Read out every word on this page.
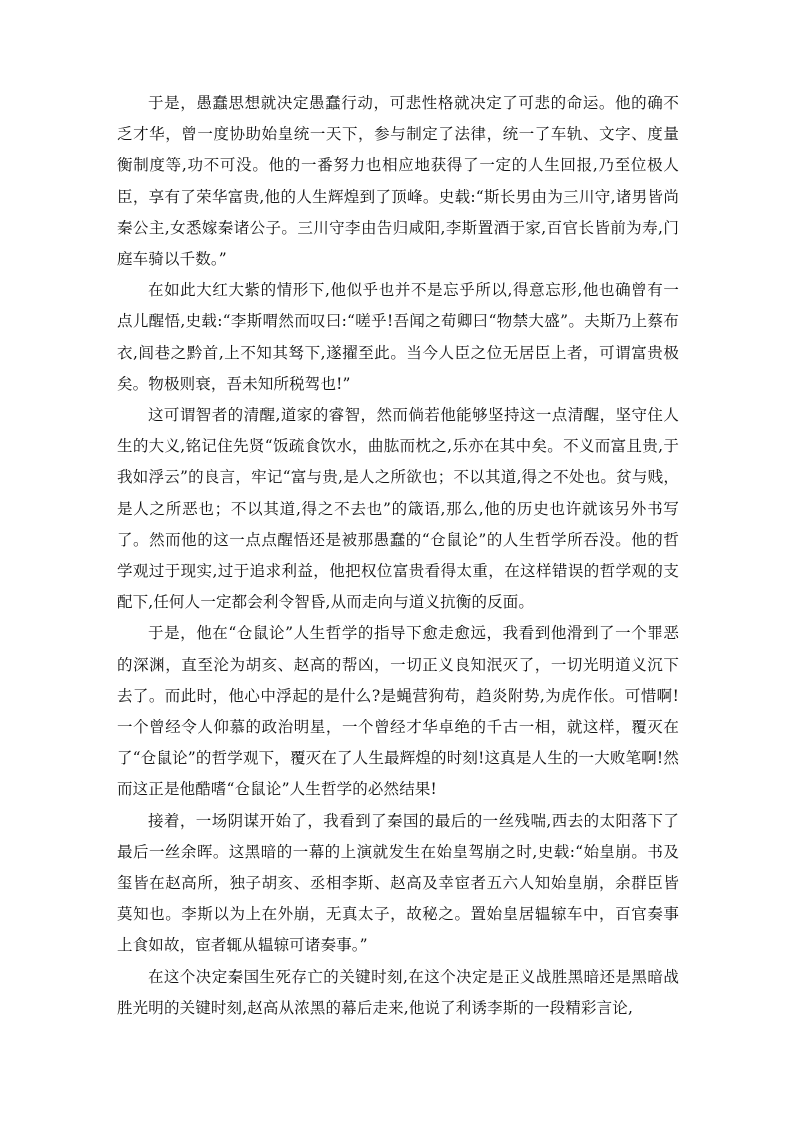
于是，愚蠢思想就决定愚蠢行动，可悲性格就决定了可悲的命运。他的确不乏才华，曾一度协助始皇统一天下，参与制定了法律，统一了车轨、文字、度量衡制度等,功不可没。他的一番努力也相应地获得了一定的人生回报,乃至位极人臣，享有了荣华富贵,他的人生辉煌到了顶峰。史载:“斯长男由为三川守,诸男皆尚秦公主,女悉嫁秦诸公子。三川守李由告归咸阳,李斯置酒于家,百官长皆前为寿,门庭车骑以千数。”

在如此大红大紫的情形下,他似乎也并不是忘乎所以,得意忘形,他也确曾有一点儿醒悟,史载:“李斯喟然而叹曰:“嗟乎!吾闻之荀卿曰“物禁大盛”。夫斯乃上蔡布衣,闾巷之黔首,上不知其驽下,遂擢至此。当今人臣之位无居臣上者，可谓富贵极矣。物极则衰，吾未知所税驾也!”

这可谓智者的清醒,道家的睿智，然而倘若他能够坚持这一点清醒，坚守住人生的大义,铭记住先贤“饭疏食饮水，曲肱而枕之,乐亦在其中矣。不义而富且贵,于我如浮云”的良言，牢记“富与贵,是人之所欲也；不以其道,得之不处也。贫与贱，是人之所恶也；不以其道,得之不去也”的箴语,那么,他的历史也许就该另外书写了。然而他的这一点点醒悟还是被那愚蠢的“仓鼠论”的人生哲学所吞没。他的哲学观过于现实,过于追求利益，他把权位富贵看得太重，在这样错误的哲学观的支配下,任何人一定都会利令智昏,从而走向与道义抗衡的反面。

于是，他在“仓鼠论”人生哲学的指导下愈走愈远，我看到他滑到了一个罪恶的深渊，直至沦为胡亥、赵高的帮凶，一切正义良知泯灭了，一切光明道义沉下去了。而此时，他心中浮起的是什么?是蝇营狗苟，趋炎附势,为虎作伥。可惜啊!一个曾经令人仰慕的政治明星，一个曾经才华卓绝的千古一相，就这样，覆灭在了“仓鼠论”的哲学观下，覆灭在了人生最辉煌的时刻!这真是人生的一大败笔啊!然而这正是他酷嗜“仓鼠论”人生哲学的必然结果!

接着，一场阴谋开始了，我看到了秦国的最后的一丝残喘,西去的太阳落下了最后一丝余晖。这黑暗的一幕的上演就发生在始皇驾崩之时,史载:“始皇崩。书及玺皆在赵高所，独子胡亥、丞相李斯、赵高及幸宦者五六人知始皇崩，余群臣皆莫知也。李斯以为上在外崩，无真太子，故秘之。置始皇居辒辌车中，百官奏事上食如故，宦者辄从辒辌可诸奏事。”

在这个决定秦国生死存亡的关键时刻,在这个决定是正义战胜黑暗还是黑暗战胜光明的关键时刻,赵高从浓黑的幕后走来,他说了利诱李斯的一段精彩言论,
